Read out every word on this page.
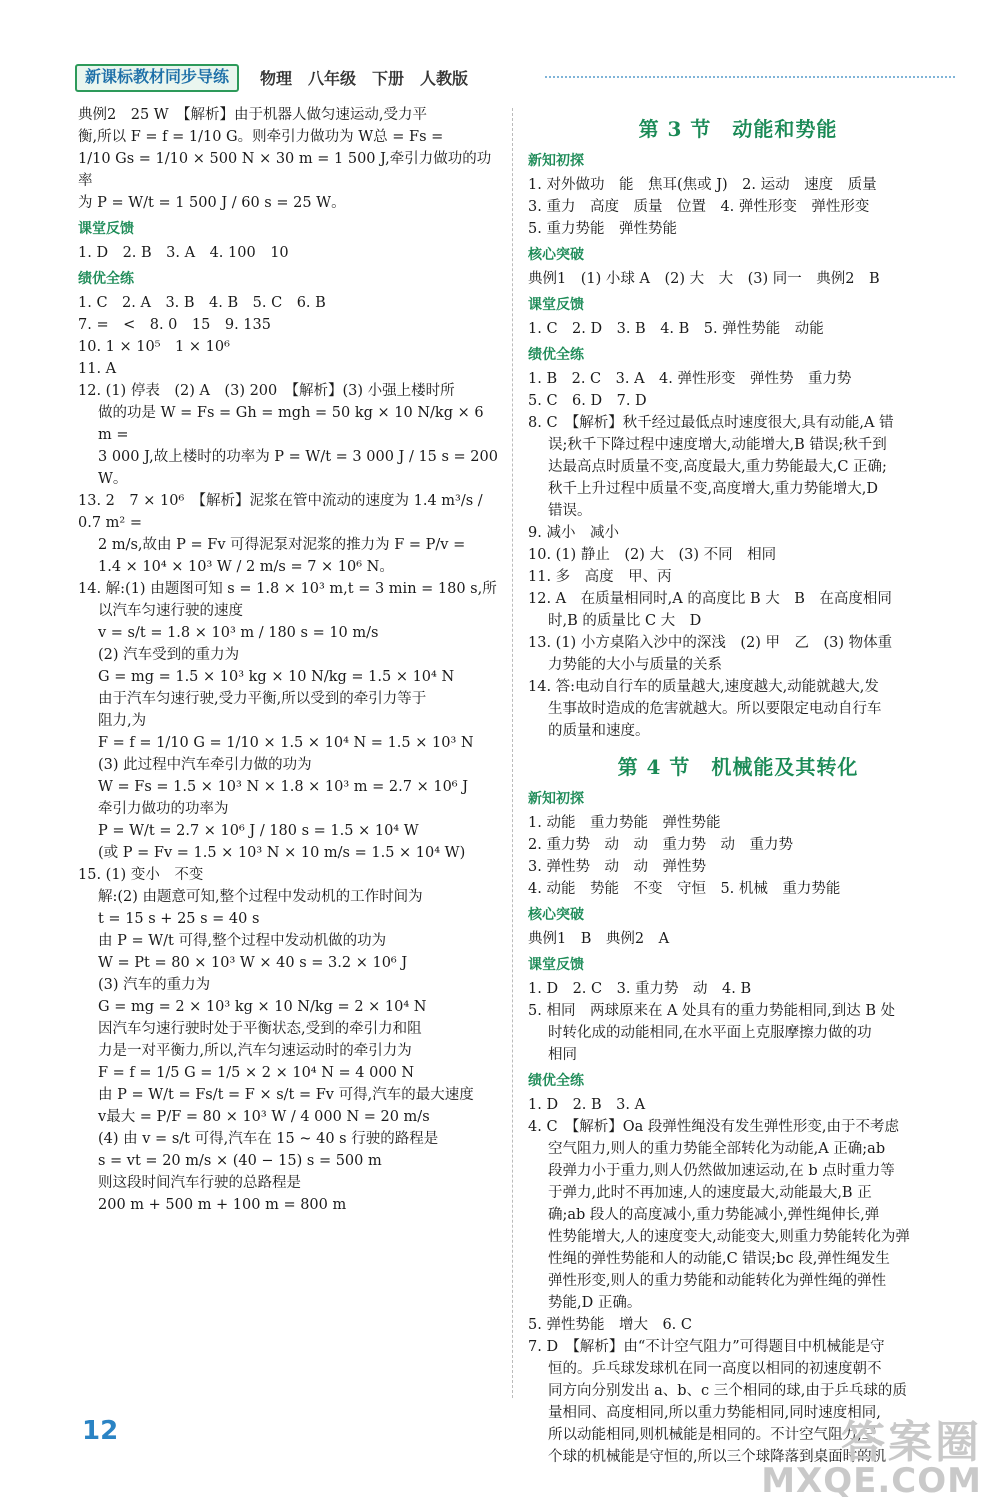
新课标教材同步导练	物理　八年级　下册　人教版
典例2　25 W　【解析】由于机器人做匀速运动,受力平
衡,所以 F = f = 1/10 G。则牵引力做功为 W总 = Fs =
1/10 Gs = 1/10 × 500 N × 30 m = 1 500 J,牵引力做功的功率
为 P = W/t = 1 500 J / 60 s = 25 W。
课堂反馈
1. D　2. B　3. A　4. 100　10
绩优全练
1. C　2. A　3. B　4. B　5. C　6. B
7. =　<　8. 0　15　9. 135
10. 1 × 10⁵　1 × 10⁶
11. A
12. (1) 停表　(2) A　(3) 200　【解析】(3) 小强上楼时所
做的功是 W = Fs = Gh = mgh = 50 kg × 10 N/kg × 6 m =
3 000 J,故上楼时的功率为 P = W/t = 3 000 J / 15 s = 200 W。
13. 2　7 × 10⁶　【解析】泥浆在管中流动的速度为 1.4 m³/s / 0.7 m² =
2 m/s,故由 P = Fv 可得泥泵对泥浆的推力为 F = P/v =
1.4 × 10⁴ × 10³ W / 2 m/s = 7 × 10⁶ N。
14. 解:(1) 由题图可知 s = 1.8 × 10³ m,t = 3 min = 180 s,所
以汽车匀速行驶的速度
v = s/t = 1.8 × 10³ m / 180 s = 10 m/s
(2) 汽车受到的重力为
G = mg = 1.5 × 10³ kg × 10 N/kg = 1.5 × 10⁴ N
由于汽车匀速行驶,受力平衡,所以受到的牵引力等于
阻力,为
F = f = 1/10 G = 1/10 × 1.5 × 10⁴ N = 1.5 × 10³ N
(3) 此过程中汽车牵引力做的功为
W = Fs = 1.5 × 10³ N × 1.8 × 10³ m = 2.7 × 10⁶ J
牵引力做功的功率为
P = W/t = 2.7 × 10⁶ J / 180 s = 1.5 × 10⁴ W
(或 P = Fv = 1.5 × 10³ N × 10 m/s = 1.5 × 10⁴ W)
15. (1) 变小　不变
解:(2) 由题意可知,整个过程中发动机的工作时间为
t = 15 s + 25 s = 40 s
由 P = W/t 可得,整个过程中发动机做的功为
W = Pt = 80 × 10³ W × 40 s = 3.2 × 10⁶ J
(3) 汽车的重力为
G = mg = 2 × 10³ kg × 10 N/kg = 2 × 10⁴ N
因汽车匀速行驶时处于平衡状态,受到的牵引力和阻
力是一对平衡力,所以,汽车匀速运动时的牵引力为
F = f = 1/5 G = 1/5 × 2 × 10⁴ N = 4 000 N
由 P = W/t = Fs/t = F × s/t = Fv 可得,汽车的最大速度
v最大 = P/F = 80 × 10³ W / 4 000 N = 20 m/s
(4) 由 v = s/t 可得,汽车在 15 ~ 40 s 行驶的路程是
s = vt = 20 m/s × (40 − 15) s = 500 m
则这段时间汽车行驶的总路程是
200 m + 500 m + 100 m = 800 m
第 3 节　动能和势能
新知初探
1. 对外做功　能　焦耳(焦或 J)　2. 运动　速度　质量
3. 重力　高度　质量　位置　4. 弹性形变　弹性形变
5. 重力势能　弹性势能
核心突破
典例1　(1) 小球 A　(2) 大　大　(3) 同一　典例2　B
课堂反馈
1. C　2. D　3. B　4. B　5. 弹性势能　动能
绩优全练
1. B　2. C　3. A　4. 弹性形变　弹性势　重力势
5. C　6. D　7. D
8. C　【解析】秋千经过最低点时速度很大,具有动能,A 错
误;秋千下降过程中速度增大,动能增大,B 错误;秋千到
达最高点时质量不变,高度最大,重力势能最大,C 正确;
秋千上升过程中质量不变,高度增大,重力势能增大,D
错误。
9. 减小　减小
10. (1) 静止　(2) 大　(3) 不同　相同
11. 多　高度　甲、丙
12. A　在质量相同时,A 的高度比 B 大　B　在高度相同
时,B 的质量比 C 大　D
13. (1) 小方桌陷入沙中的深浅　(2) 甲　乙　(3) 物体重
力势能的大小与质量的关系
14. 答:电动自行车的质量越大,速度越大,动能就越大,发
生事故时造成的危害就越大。所以要限定电动自行车
的质量和速度。
第 4 节　机械能及其转化
新知初探
1. 动能　重力势能　弹性势能
2. 重力势　动　动　重力势　动　重力势
3. 弹性势　动　动　弹性势
4. 动能　势能　不变　守恒　5. 机械　重力势能
核心突破
典例1　B　典例2　A
课堂反馈
1. D　2. C　3. 重力势　动　4. B
5. 相同　两球原来在 A 处具有的重力势能相同,到达 B 处
时转化成的动能相同,在水平面上克服摩擦力做的功
相同
绩优全练
1. D　2. B　3. A
4. C　【解析】Oa 段弹性绳没有发生弹性形变,由于不考虑
空气阻力,则人的重力势能全部转化为动能,A 正确;ab
段弹力小于重力,则人仍然做加速运动,在 b 点时重力等
于弹力,此时不再加速,人的速度最大,动能最大,B 正
确;ab 段人的高度减小,重力势能减小,弹性绳伸长,弹
性势能增大,人的速度变大,动能变大,则重力势能转化为弹
性绳的弹性势能和人的动能,C 错误;bc 段,弹性绳发生
弹性形变,则人的重力势能和动能转化为弹性绳的弹性
势能,D 正确。
5. 弹性势能　增大　6. C
7. D　【解析】由“不计空气阻力”可得题目中机械能是守
恒的。乒乓球发球机在同一高度以相同的初速度朝不
同方向分别发出 a、b、c 三个相同的球,由于乒乓球的质
量相同、高度相同,所以重力势能相同,同时速度相同,
所以动能相同,则机械能是相同的。不计空气阻力,三
个球的机械能是守恒的,所以三个球降落到桌面时的机
12	答案圈
MXQE.COM
